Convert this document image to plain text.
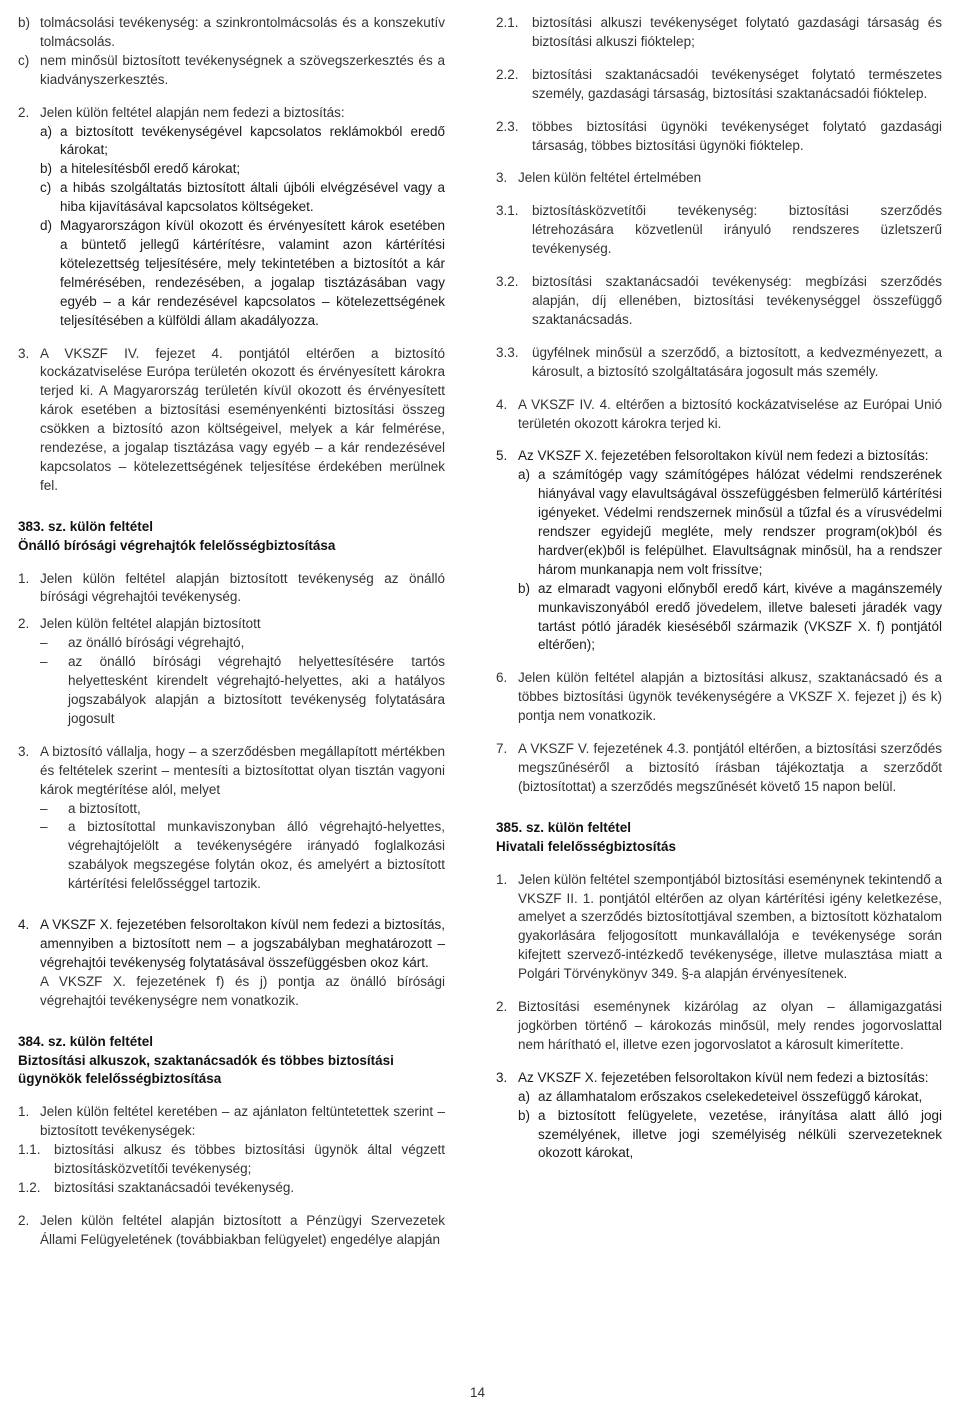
b) tolmácsolási tevékenység: a szinkrontolmácsolás és a konszekutív tolmácsolás.
c) nem minősül biztosított tevékenységnek a szövegszerkesztés és a kiadványszerkesztés.
2. Jelen külön feltétel alapján nem fedezi a biztosítás:
a) a biztosított tevékenységével kapcsolatos reklámokból eredő károkat;
b) a hitelesítésből eredő károkat;
c) a hibás szolgáltatás biztosított általi újbóli elvégzésével vagy a hiba kijavításával kapcsolatos költségeket.
d) Magyarországon kívül okozott és érvényesített károk esetében a büntető jellegű kártérítésre, valamint azon kártérítési kötelezettség teljesítésére, mely tekintetében a biztosítót a kár felmérésében, rendezésében, a jogalap tisztázásában vagy egyéb – a kár rendezésével kapcsolatos – kötelezettségének teljesítésében a külföldi állam akadályozza.
3. A VKSZF IV. fejezet 4. pontjától eltérően a biztosító kockázatviselése Európa területén okozott és érvényesített károkra terjed ki. A Magyarország területén kívül okozott és érvényesített károk esetében a biztosítási eseményenkénti biztosítási összeg csökken a biztosító azon költségeivel, melyek a kár felmérése, rendezése, a jogalap tisztázása vagy egyéb – a kár rendezésével kapcsolatos – kötelezettségének teljesítése érdekében merülnek fel.
383. sz. külön feltétel
Önálló bírósági végrehajtók felelősségbiztosítása
1. Jelen külön feltétel alapján biztosított tevékenység az önálló bírósági végrehajtói tevékenység.
2. Jelen külön feltétel alapján biztosított
–	az önálló bírósági végrehajtó,
–	az önálló bírósági végrehajtó helyettesítésére tartós helyettesként kirendelt végrehajtó-helyettes, aki a hatályos jogszabályok alapján a biztosított tevékenység folytatására jogosult
3. A biztosító vállalja, hogy – a szerződésben megállapított mértékben és feltételek szerint – mentesíti a biztosítottat olyan tisztán vagyoni károk megtérítése alól, melyet
–	a biztosított,
–	a biztosítottal munkaviszonyban álló végrehajtó-helyettes, végrehajtójelölt a tevékenységére irányadó foglalkozási szabályok megszegése folytán okoz, és amelyért a biztosított kártérítési felelősséggel tartozik.
4. A VKSZF X. fejezetében felsoroltakon kívül nem fedezi a biztosítás, amennyiben a biztosított nem – a jogszabályban meghatározott – végrehajtói tevékenység folytatásával összefüggésben okoz kárt.
A VKSZF X. fejezetének f) és j) pontja az önálló bírósági végrehajtói tevékenységre nem vonatkozik.
384. sz. külön feltétel
Biztosítási alkuszok, szaktanácsadók és többes biztosítási ügynökök felelősségbiztosítása
1. Jelen külön feltétel keretében – az ajánlaton feltüntetettek szerint – biztosított tevékenységek:
1.1. biztosítási alkusz és többes biztosítási ügynök által végzett biztosításközvetítői tevékenység;
1.2. biztosítási szaktanácsadói tevékenység.
2. Jelen külön feltétel alapján biztosított a Pénzügyi Szervezetek Állami Felügyeletének (továbbiakban felügyelet) engedélye alapján
2.1. biztosítási alkuszi tevékenységet folytató gazdasági társaság és biztosítási alkuszi fióktelep;
2.2. biztosítási szaktanácsadói tevékenységet folytató természetes személy, gazdasági társaság, biztosítási szaktanácsadói fióktelep.
2.3. többes biztosítási ügynöki tevékenységet folytató gazdasági társaság, többes biztosítási ügynöki fióktelep.
3. Jelen külön feltétel értelmében
3.1. biztosításközvetítői tevékenység: biztosítási szerződés létrehozására közvetlenül irányuló rendszeres üzletszerű tevékenység.
3.2. biztosítási szaktanácsadói tevékenység: megbízási szerződés alapján, díj ellenében, biztosítási tevékenységgel összefüggő szaktanácsadás.
3.3. ügyfélnek minősül a szerződő, a biztosított, a kedvezményezett, a károsult, a biztosító szolgáltatására jogosult más személy.
4. A VKSZF IV. 4. eltérően a biztosító kockázatviselése az Európai Unió területén okozott károkra terjed ki.
5. Az VKSZF X. fejezetében felsoroltakon kívül nem fedezi a biztosítás:
a) a számítógép vagy számítógépes hálózat védelmi rendszerének hiányával vagy elavultságával összefüggésben felmerülő kártérítési igényeket. Védelmi rendszernek minősül a tűzfal és a vírusvédelmi rendszer egyidejű megléte, mely rendszer program(ok)ból és hardver(ek)ből is felépülhet. Elavultságnak minősül, ha a rendszer három munkanapja nem volt frissítve;
b) az elmaradt vagyoni előnyből eredő kárt, kivéve a magánszemély munkaviszonyából eredő jövedelem, illetve baleseti járadék vagy tartást pótló járadék kieséséből származik (VKSZF X. f) pontjától eltérően);
6. Jelen külön feltétel alapján a biztosítási alkusz, szaktanácsadó és a többes biztosítási ügynök tevékenységére a VKSZF X. fejezet j) és k) pontja nem vonatkozik.
7. A VKSZF V. fejezetének 4.3. pontjától eltérően, a biztosítási szerződés megszűnéséről a biztosító írásban tájékoztatja a szerződőt (biztosítottat) a szerződés megszűnését követő 15 napon belül.
385. sz. külön feltétel
Hivatali felelősségbiztosítás
1. Jelen külön feltétel szempontjából biztosítási eseménynek tekintendő a VKSZF II. 1. pontjától eltérően az olyan kártérítési igény keletkezése, amelyet a szerződés biztosítottjával szemben, a biztosított közhatalom gyakorlására feljogosított munkavállalója e tevékenysége során kifejtett szervező-intézkedő tevékenysége, illetve mulasztása miatt a Polgári Törvénykönyv 349. §-a alapján érvényesítenek.
2. Biztosítási eseménynek kizárólag az olyan – államigazgatási jogkörben történő – károkozás minősül, mely rendes jogorvoslattal nem hárítható el, illetve ezen jogorvoslatot a károsult kimerítette.
3. Az VKSZF X. fejezetében felsoroltakon kívül nem fedezi a biztosítás:
a) az államhatalom erőszakos cselekedeteivel összefüggő károkat,
b) a biztosított felügyelete, vezetése, irányítása alatt álló jogi személyének, illetve jogi személyiség nélküli szervezeteknek okozott károkat,
14
